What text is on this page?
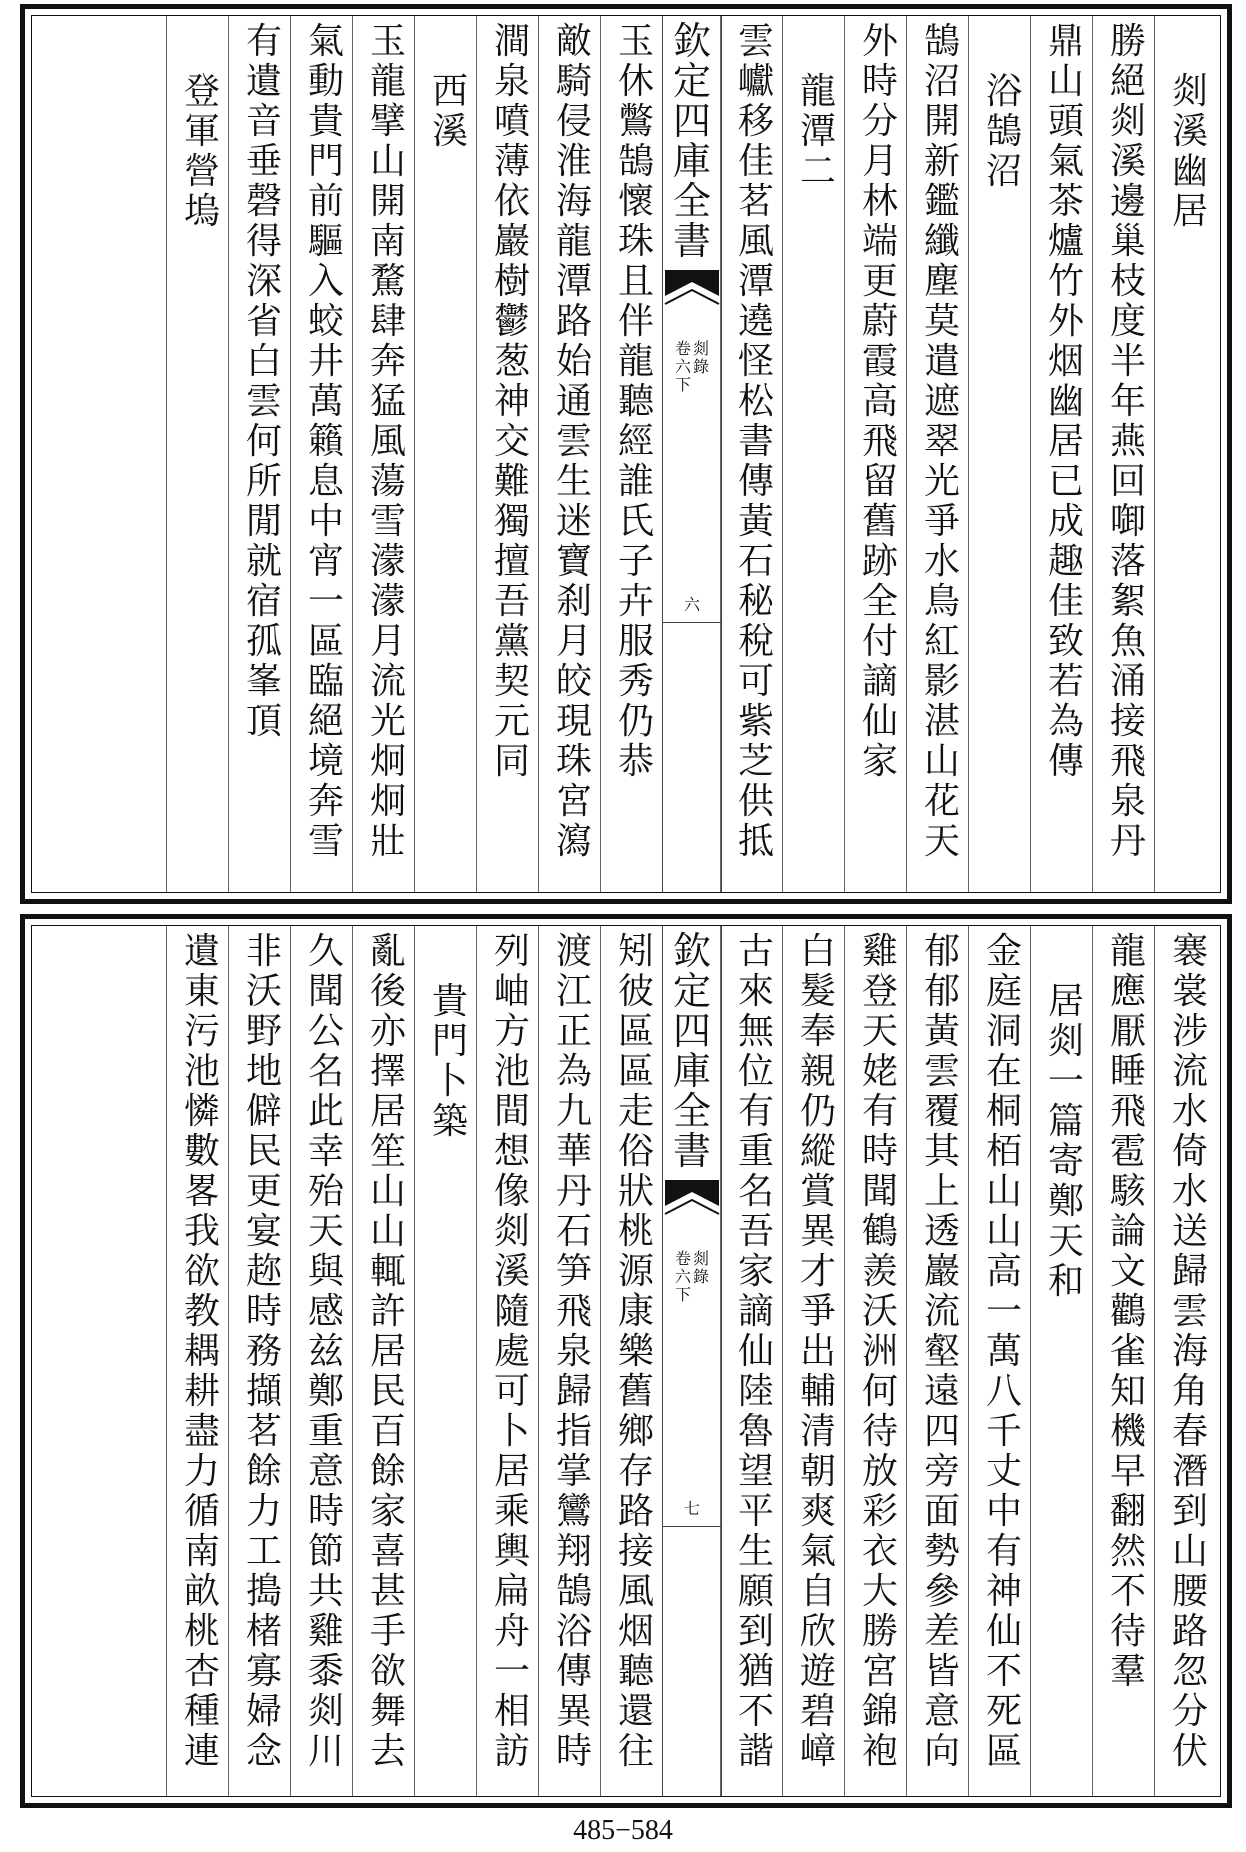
剡
溪
幽
居
勝
絕
剡
溪
邊
巢
枝
度
半
年
燕
回
啣
落
絮
魚
涌
接
飛
泉
丹
鼎
山
頭
氣
茶
爐
竹
外
烟
幽
居
已
成
趣
佳
致
若
為
傳
浴
鵠
沼
鵠
沼
開
新
鑑
纖
塵
莫
遣
遮
翠
光
爭
水
鳥
紅
影
湛
山
花
天
外
時
分
月
林
端
更
蔚
霞
高
飛
留
舊
跡
全
付
謫
仙
家
龍
潭
二
雲
巘
移
佳
茗
風
潭
遶
怪
松
書
傳
黃
石
秘
稅
可
紫
芝
供
抵
玉
休
鷩
鵠
懷
珠
且
伴
龍
聽
經
誰
氏
子
卉
服
秀
仍
恭
敵
騎
侵
淮
海
龍
潭
路
始
通
雲
生
迷
寶
刹
月
皎
現
珠
宮
瀉
澗
泉
噴
薄
依
巖
樹
鬱
葱
神
交
難
獨
擅
吾
黨
契
元
同
西
溪
玉
龍
擘
山
開
南
騖
肆
奔
猛
風
蕩
雪
濛
濛
月
流
光
炯
炯
壯
氣
動
貴
門
前
驅
入
蛟
井
萬
籟
息
中
宵
一
區
臨
絕
境
奔
雪
有
遺
音
垂
磬
得
深
省
白
雲
何
所
閒
就
宿
孤
峯
頂
登
軍
營
塢
欽
定
四
庫
全
書
卷
六
下
剡
錄
六
褰
裳
涉
流
水
倚
水
送
歸
雲
海
角
春
潛
到
山
腰
路
忽
分
伏
龍
應
厭
睡
飛
雹
駭
論
文
鸛
雀
知
機
早
翻
然
不
待
羣
居
剡
一
篇
寄
鄭
天
和
金
庭
洞
在
桐
栢
山
山
高
一
萬
八
千
丈
中
有
神
仙
不
死
區
郁
郁
黃
雲
覆
其
上
透
巖
流
壑
遠
四
旁
面
勢
參
差
皆
意
向
雞
登
天
姥
有
時
聞
鶴
羨
沃
洲
何
待
放
彩
衣
大
勝
宮
錦
袍
白
髮
奉
親
仍
縱
賞
異
才
爭
出
輔
清
朝
爽
氣
自
欣
遊
碧
嶂
古
來
無
位
有
重
名
吾
家
謫
仙
陸
魯
望
平
生
願
到
猶
不
諧
矧
彼
區
區
走
俗
狀
桃
源
康
樂
舊
鄉
存
路
接
風
烟
聽
還
往
渡
江
正
為
九
華
丹
石
笋
飛
泉
歸
指
掌
鸞
翔
鵠
浴
傳
異
時
列
岫
方
池
間
想
像
剡
溪
隨
處
可
卜
居
乘
輿
扁
舟
一
相
訪
貴
門
卜
築
亂
後
亦
擇
居
笙
山
山
輒
許
居
民
百
餘
家
喜
甚
手
欲
舞
去
久
聞
公
名
此
幸
殆
天
與
感
兹
鄭
重
意
時
節
共
雞
黍
剡
川
非
沃
野
地
僻
民
更
宴
趂
時
務
擷
茗
餘
力
工
搗
楮
寡
婦
念
遺
東
污
池
憐
數
畧
我
欲
教
耦
耕
盡
力
循
南
畝
桃
杏
種
連
欽
定
四
庫
全
書
卷
六
下
剡
錄
七
485−584
